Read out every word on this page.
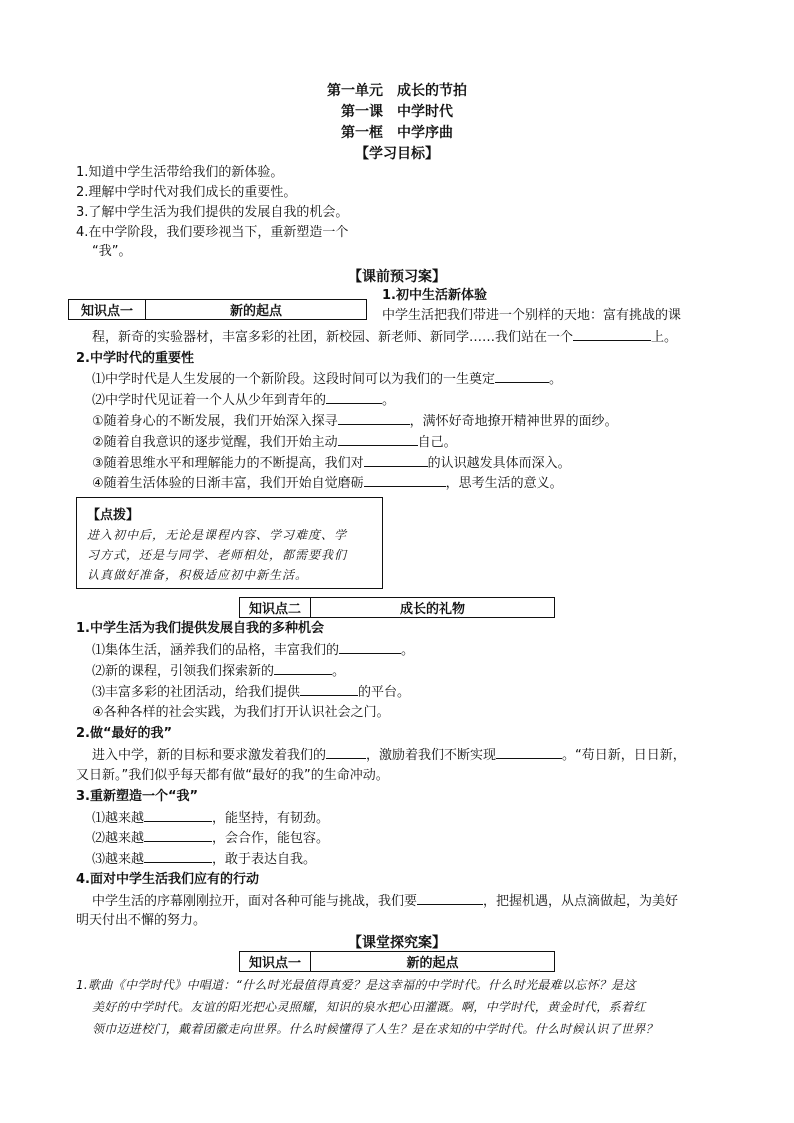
第一单元　成长的节拍
第一课　中学时代
第一框　中学序曲
【学习目标】
1.知道中学生活带给我们的新体验。
2.理解中学时代对我们成长的重要性。
3.了解中学生活为我们提供的发展自我的机会。
4.在中学阶段，我们要珍视当下，重新塑造一个
“我”。
【课前预习案】
知识点一	新的起点
1.初中生活新体验
中学生活把我们带进一个别样的天地：富有挑战的课
程，新奇的实验器材，丰富多彩的社团，新校园、新老师、新同学……我们站在一个	上。
2.中学时代的重要性
⑴中学时代是人生发展的一个新阶段。这段时间可以为我们的一生奠定	。
⑵中学时代见证着一个人从少年到青年的	。
①随着身心的不断发展，我们开始深入探寻	，满怀好奇地撩开精神世界的面纱。
②随着自我意识的逐步觉醒，我们开始主动	自己。
③随着思维水平和理解能力的不断提高，我们对	的认识越发具体而深入。
④随着生活体验的日渐丰富，我们开始自觉磨砺	，思考生活的意义。
【点拨】
进入初中后，无论是课程内容、学习难度、学
习方式，还是与同学、老师相处，都需要我们
认真做好准备，积极适应初中新生活。
知识点二	成长的礼物
1.中学生活为我们提供发展自我的多种机会
⑴集体生活，涵养我们的品格，丰富我们的	。
⑵新的课程，引领我们探索新的	。
⑶丰富多彩的社团活动，给我们提供	的平台。
④各种各样的社会实践，为我们打开认识社会之门。
2.做“最好的我”
进入中学，新的目标和要求激发着我们的	，激励着我们不断实现	。“苟日新，日日新，
又日新。”我们似乎每天都有做“最好的我”的生命冲动。
3.重新塑造一个“我”
⑴越来越	，能坚持，有韧劲。
⑵越来越	，会合作，能包容。
⑶越来越	，敢于表达自我。
4.面对中学生活我们应有的行动
中学生活的序幕刚刚拉开，面对各种可能与挑战，我们要	，把握机遇，从点滴做起，为美好
明天付出不懈的努力。
【课堂探究案】
知识点一	新的起点
1.歌曲《中学时代》中唱道：“什么时光最值得真爱？是这幸福的中学时代。什么时光最难以忘怀？是这
美好的中学时代。友谊的阳光把心灵照耀，知识的泉水把心田灌溉。啊，中学时代，黄金时代，系着红
领巾迈进校门，戴着团徽走向世界。什么时候懂得了人生？是在求知的中学时代。什么时候认识了世界？
